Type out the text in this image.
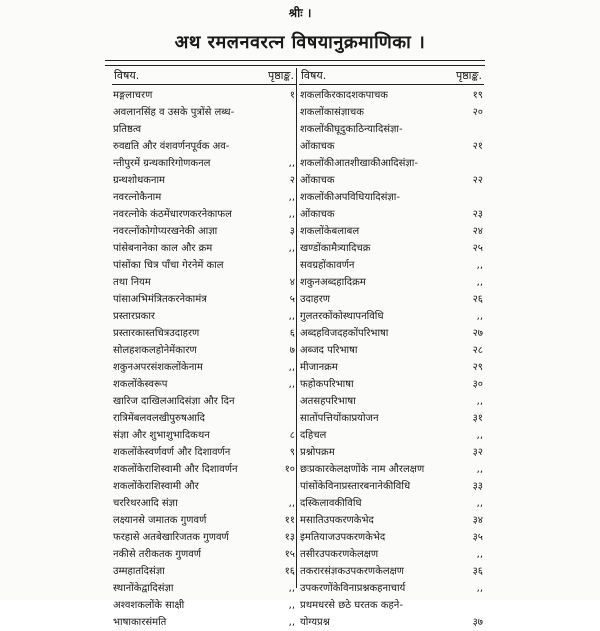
श्रीः ।
अथ रमलनवरत्न विषयानुक्रमाणिका ।
विषय.	पृष्ठाङ्क.
मङ्गलाचरण	१
अवलानसिंह व उसके पुत्रोंसे लब्ध-
प्रतिष्ठत्व
रुवद्यति और वंशवर्णनपूर्वक अव-
न्तीपुरमें ग्रन्थकारिगोणकनल	,,
ग्रन्थशोधकनाम	२
नवरत्नोकैनाम	,,
नवरत्नोके कंठमेंधारणकरनेकाफल	,,
नवरत्नोंकोगोप्यरखनेकी आज्ञा	३
पांसेबनानेका काल और क्रम	,,
पांसोंका चित्र पाँचा गेरनेमें काल
तथा नियम	४
पांसाअभिमंत्रितकरनेकामंत्र	५
प्रस्तारप्रकार	,,
प्रस्तारकास्तचित्रउदाहरण	६
सोलहशकलहोनेमेंकारण	७
शकुनअपरसंशकलोंकेनाम	,,
शकलोंकेस्वरूप	,,
खारिज दाखिलआदिसंज्ञा और दिन
रात्रिमेंबलवलखीपुरुषआदि
संज्ञा और शुभाशुभादिकथन	८
शकलोंकेस्वर्णवर्ण और दिशावर्णन	९
शकलोंकेराशिस्वामी और दिशावर्णन	१०
शकलोंकेराशिस्वामी और
चररिथरआदि संज्ञा	,,
लक्ष्यानसे जमातक गुणवर्ण	११
फरहासे अतबेखारिजतक गुणवर्ण	१३
नकीसे तरीकतक गुणवर्ण	१५
उम्महातदिसंज्ञा	१६
स्थानोंकेद्वादिसंज्ञा	,,
अश्वशकलोंके साक्षी	,,
भाषाकारसंमति	,,
विषय.	पृष्ठाङ्क.
शकलकिरकादशकपाचक	१९
शकलोंकासंज्ञाचक	२०
शकलोंकीघूदुकाठिन्यादिसंज्ञा-
ओंकाचक	२१
शकलोंकीआतशीखाकीआदिसंज्ञा-
ओंकाचक	२२
शकलोंकीअपविधियादिसंज्ञा-
ओंकाचक	२३
शकलोंकेबलाबल	२४
खण्डोंकामैत्र्यादिचक्र	२५
सवग्रहोंकावर्णन	,,
शकुनअब्दहादिक्रम	,,
उदाहरण	२६
गुलतरकोंकोस्थापनविधि	,,
अब्दहविजदहकोंपरिभाषा	२७
अब्जद परिभाषा	२८
मीजानक्रम	२९
फहोकपरिभाषा	३०
अतसहपरिभाषा	,,
सातोंपत्तियोंकाप्रयोजन	३१
दहिचल	,,
प्रश्नोपक्रम	३२
छःप्रकारकेलक्षणोंके नाम औरलक्षण	,,
पांसोंकेविनाप्रस्तारबनानेकीविधि	३३
दस्किलावकीविधि	,,
मसातिउपकरणकेभेद	३४
इमतियाजउपकरणकेभेद	३५
तसीरउपकरणकेलक्षण	,,
तकरारसंज्ञकउपकरणकेलक्षण	३६
उपकरणोंकेविनाप्रश्नकहनाचार्य	,,
प्रथमधरसे छठे घरतक कहने-
योग्यप्रश्न	३७
